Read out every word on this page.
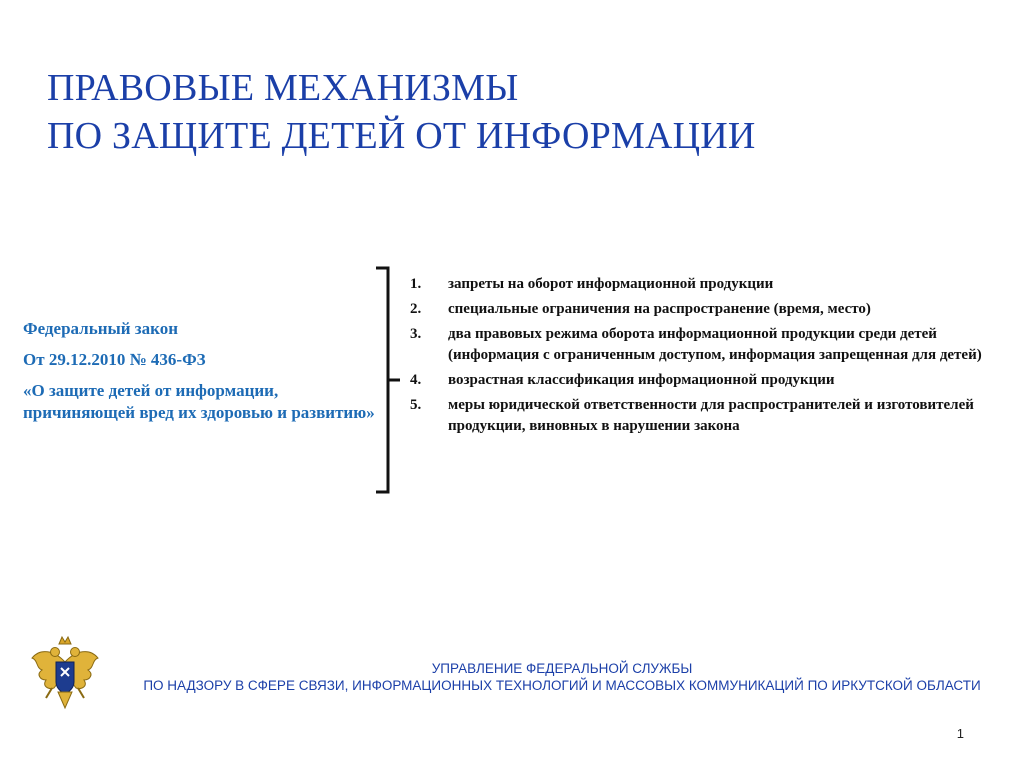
ПРАВОВЫЕ МЕХАНИЗМЫ
ПО ЗАЩИТЕ ДЕТЕЙ ОТ ИНФОРМАЦИИ

Федеральный закон

От 29.12.2010 № 436-ФЗ

«О защите детей от информации,

причиняющей вред их здоровью и развитию»

1.	запреты на оборот информационной продукции
2.	специальные ограничения на распространение (время, место)
3.	два правовых режима оборота информационной продукции среди детей (информация с ограниченным доступом, информация запрещенная для детей)
4.	возрастная классификация информационной продукции
5.	меры юридической ответственности для распространителей и изготовителей продукции, виновных в нарушении закона
УПРАВЛЕНИЕ ФЕДЕРАЛЬНОЙ СЛУЖБЫ
ПО НАДЗОРУ В СФЕРЕ СВЯЗИ, ИНФОРМАЦИОННЫХ ТЕХНОЛОГИЙ И МАССОВЫХ КОММУНИКАЦИЙ ПО ИРКУТСКОЙ ОБЛАСТИ
1
